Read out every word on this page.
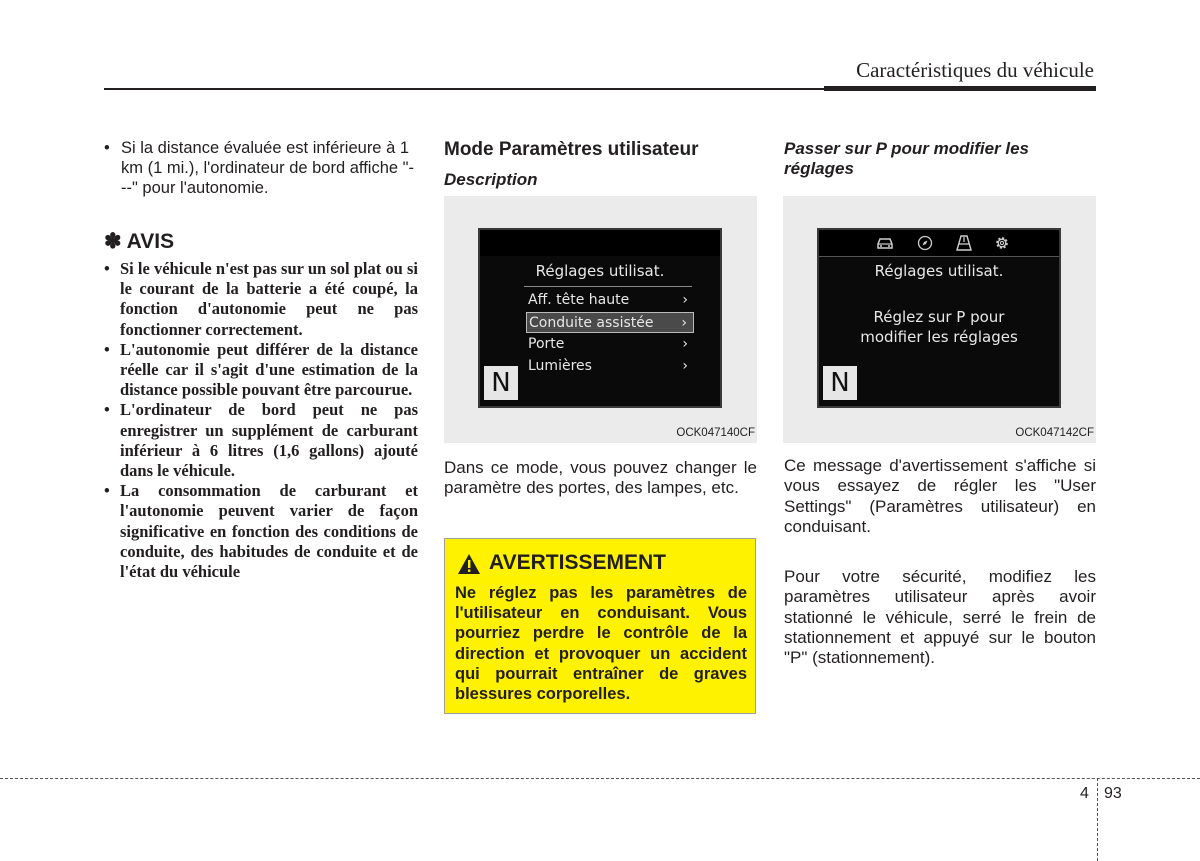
Caractéristiques du véhicule
• Si la distance évaluée est inférieure à 1 km (1 mi.), l'ordinateur de bord affiche "---" pour l'autonomie.
✽ AVIS
• Si le véhicule n'est pas sur un sol plat ou si le courant de la batterie a été coupé, la fonction d'autonomie peut ne pas fonctionner correctement.
• L'autonomie peut différer de la distance réelle car il s'agit d'une estimation de la distance possible pouvant être parcourue.
• L'ordinateur de bord peut ne pas enregistrer un supplément de carburant inférieur à 6 litres (1,6 gallons) ajouté dans le véhicule.
• La consommation de carburant et l'autonomie peuvent varier de façon significative en fonction des conditions de conduite, des habitudes de conduite et de l'état du véhicule
Mode Paramètres utilisateur
Description
Réglages utilisat.
Aff. tête haute	›
Conduite assistée ›
Porte	›
Lumières	›
N
OCK047140CF
Dans ce mode, vous pouvez changer le paramètre des portes, des lampes, etc.
AVERTISSEMENT
Ne réglez pas les paramètres de l'utilisateur en conduisant. Vous pourriez perdre le contrôle de la direction et provoquer un accident qui pourrait entraîner de graves blessures corporelles.
Passer sur P pour modifier les réglages
Réglages utilisat.
Réglez sur P pour
modifier les réglages
N
OCK047142CF
Ce message d'avertissement s'affiche si vous essayez de régler les "User Settings" (Paramètres utilisateur) en conduisant.
Pour votre sécurité, modifiez les paramètres utilisateur après avoir stationné le véhicule, serré le frein de stationnement et appuyé sur le bouton "P" (stationnement).
4 93
